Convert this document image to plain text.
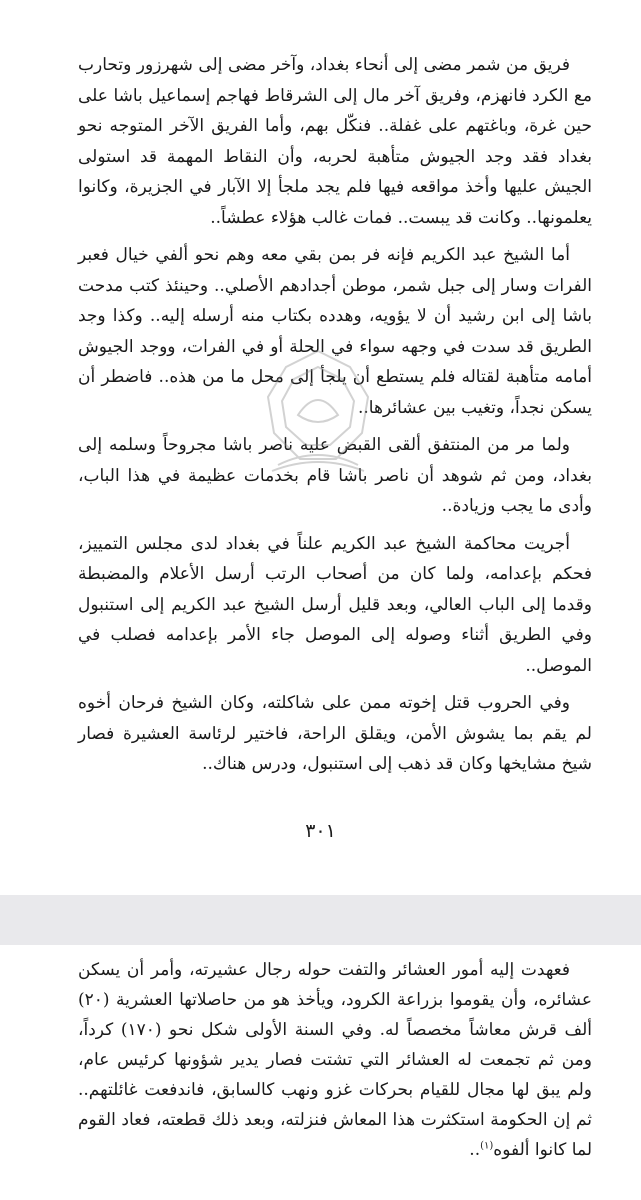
فريق من شمر مضى إلى أنحاء بغداد، وآخر مضى إلى شهرزور وتحارب مع الكرد فانهزم، وفريق آخر مال إلى الشرقاط فهاجم إسماعيل باشا على حين غرة، وباغتهم على غفلة.. فنكّل بهم، وأما الفريق الآخر المتوجه نحو بغداد فقد وجد الجيوش متأهبة لحربه، وأن النقاط المهمة قد استولى الجيش عليها وأخذ مواقعه فيها فلم يجد ملجأ إلا الآبار في الجزيرة، وكانوا يعلمونها.. وكانت قد يبست.. فمات غالب هؤلاء عطشاً..

أما الشيخ عبد الكريم فإنه فر بمن بقي معه وهم نحو ألفي خيال فعبر الفرات وسار إلى جبل شمر، موطن أجدادهم الأصلي.. وحينئذ كتب مدحت باشا إلى ابن رشيد أن لا يؤويه، وهدده بكتاب منه أرسله إليه.. وكذا وجد الطريق قد سدت في وجهه سواء في الحلة أو في الفرات، ووجد الجيوش أمامه متأهبة لقتاله فلم يستطع أن يلجأ إلى محل ما من هذه.. فاضطر أن يسكن نجداً، وتغيب بين عشائرها..

ولما مر من المنتفق ألقى القبض عليه ناصر باشا مجروحاً وسلمه إلى بغداد، ومن ثم شوهد أن ناصر باشا قام بخدمات عظيمة في هذا الباب، وأدى ما يجب وزيادة..

أجريت محاكمة الشيخ عبد الكريم علناً في بغداد لدى مجلس التمييز، فحكم بإعدامه، ولما كان من أصحاب الرتب أرسل الأعلام والمضبطة وقدما إلى الباب العالي، وبعد قليل أرسل الشيخ عبد الكريم إلى استنبول وفي الطريق أثناء وصوله إلى الموصل جاء الأمر بإعدامه فصلب في الموصل..

وفي الحروب قتل إخوته ممن على شاكلته، وكان الشيخ فرحان أخوه لم يقم بما يشوش الأمن، ويقلق الراحة، فاختير لرئاسة العشيرة فصار شيخ مشايخها وكان قد ذهب إلى استنبول، ودرس هناك..

٣٠١

فعهدت إليه أمور العشائر والتفت حوله رجال عشيرته، وأمر أن يسكن عشائره، وأن يقوموا بزراعة الكرود، ويأخذ هو من حاصلاتها العشرية (٢٠) ألف قرش معاشاً مخصصاً له. وفي السنة الأولى شكل نحو (١٧٠) كرداً، ومن ثم تجمعت له العشائر التي تشتت فصار يدير شؤونها كرئيس عام، ولم يبق لها مجال للقيام بحركات غزو ونهب كالسابق، فاندفعت غائلتهم.. ثم إن الحكومة استكثرت هذا المعاش فنزلته، وبعد ذلك قطعته، فعاد القوم لما كانوا ألفوه$^{(١)}$..
